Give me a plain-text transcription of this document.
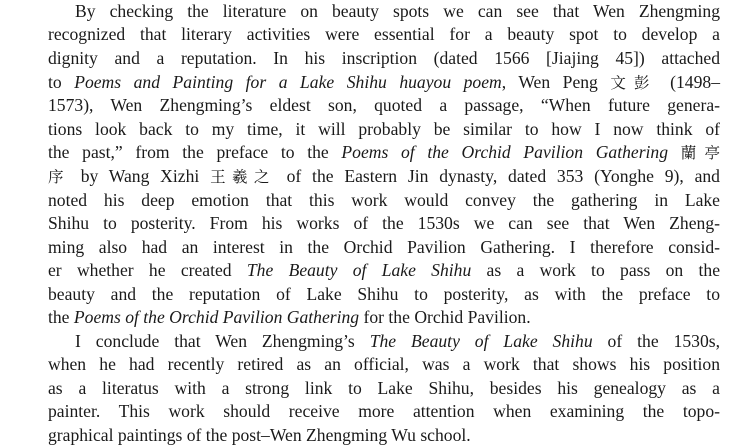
By checking the literature on beauty spots we can see that Wen Zhengming
recognized that literary activities were essential for a beauty spot to develop a
dignity and a reputation. In his inscription (dated 1566 [Jiajing 45]) attached
to Poems and Painting for a Lake Shihu huayou poem, Wen Peng 文彭 (1498–
1573), Wen Zhengming’s eldest son, quoted a passage, “When future genera-
tions look back to my time, it will probably be similar to how I now think of
the past,” from the preface to the Poems of the Orchid Pavilion Gathering 蘭亭
序 by Wang Xizhi 王羲之 of the Eastern Jin dynasty, dated 353 (Yonghe 9), and
noted his deep emotion that this work would convey the gathering in Lake
Shihu to posterity. From his works of the 1530s we can see that Wen Zheng-
ming also had an interest in the Orchid Pavilion Gathering. I therefore consid-
er whether he created The Beauty of Lake Shihu as a work to pass on the
beauty and the reputation of Lake Shihu to posterity, as with the preface to
the Poems of the Orchid Pavilion Gathering for the Orchid Pavilion.
I conclude that Wen Zhengming’s The Beauty of Lake Shihu of the 1530s,
when he had recently retired as an official, was a work that shows his position
as a literatus with a strong link to Lake Shihu, besides his genealogy as a
painter. This work should receive more attention when examining the topo-
graphical paintings of the post–Wen Zhengming Wu school.
